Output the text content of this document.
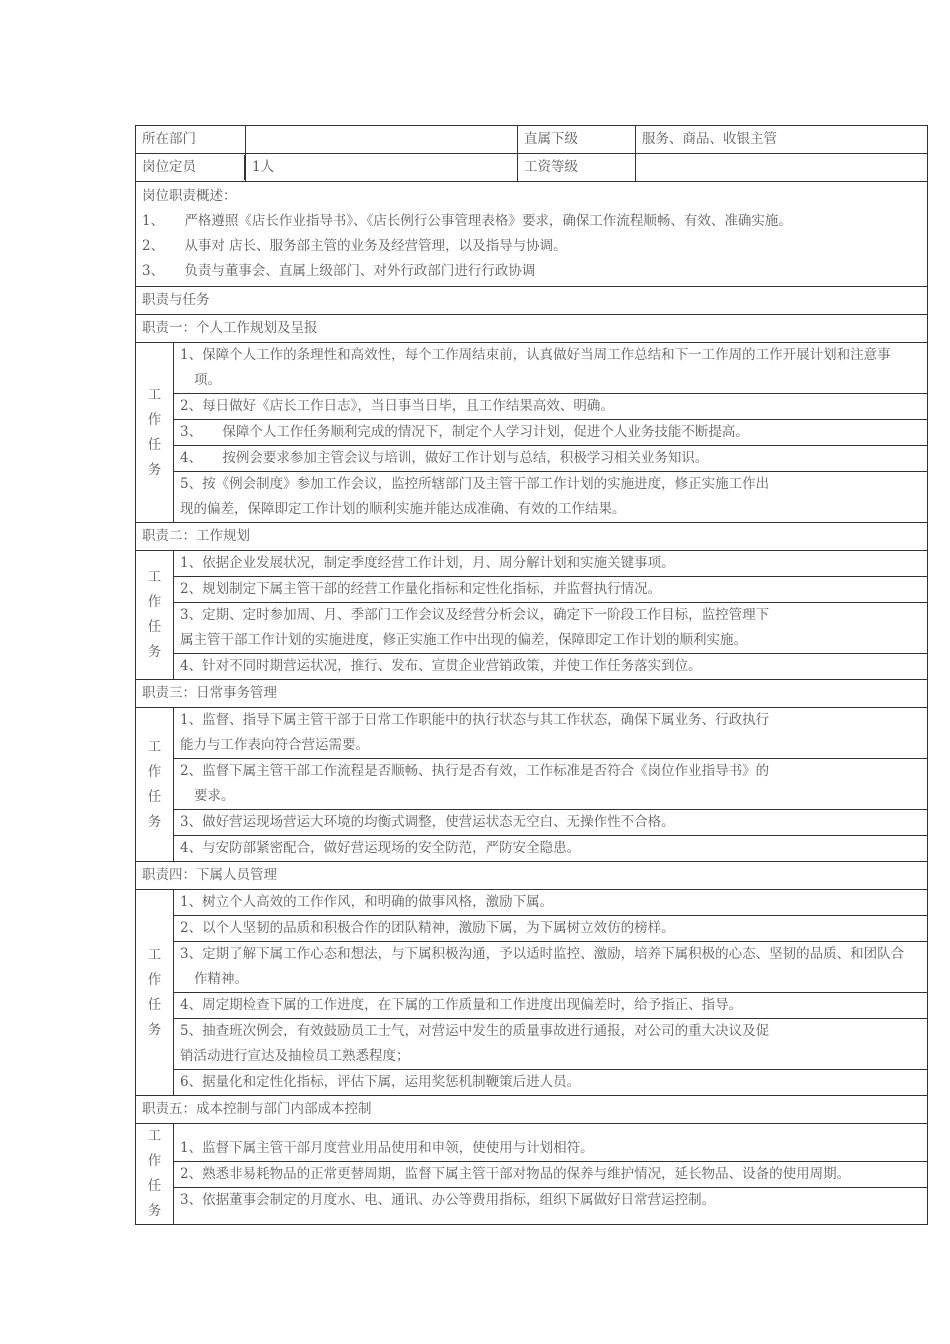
所在部门		直属下级	服务、商品、收银主管

岗位定员	1人	工资等级	

岗位职责概述：
1、　　严格遵照《店长作业指导书》、《店长例行公事管理表格》要求，确保工作流程顺畅、有效、准确实施。
2、　　从事对 店长、服务部主管的业务及经营管理，以及指导与协调。
3、　　负责与董事会、直属上级部门、对外行政部门进行行政协调

职责与任务
职责一：个人工作规划及呈报

工
作
任
务

1、保障个人工作的条理性和高效性，每个工作周结束前，认真做好当周工作总结和下一工作周的工作开展计划和注意事
项。

2、每日做好《店长工作日志》，当日事当日毕，且工作结果高效、明确。

3、　　保障个人工作任务顺利完成的情况下，制定个人学习计划，促进个人业务技能不断提高。

4、　　按例会要求参加主管会议与培训，做好工作计划与总结，积极学习相关业务知识。

5、按《例会制度》参加工作会议，监控所辖部门及主管干部工作计划的实施进度，修正实施工作出
现的偏差，保障即定工作计划的顺利实施并能达成准确、有效的工作结果。

职责二：工作规划

工
作
任
务

1、依据企业发展状况，制定季度经营工作计划，月、周分解计划和实施关键事项。

2、规划制定下属主管干部的经营工作量化指标和定性化指标，并监督执行情况。

3、定期、定时参加周、月、季部门工作会议及经营分析会议，确定下一阶段工作目标，监控管理下
属主管干部工作计划的实施进度，修正实施工作中出现的偏差，保障即定工作计划的顺利实施。

4、针对不同时期营运状况，推行、发布、宣贯企业营销政策，并使工作任务落实到位。

职责三：日常事务管理

工
作
任
务

1、监督、指导下属主管干部于日常工作职能中的执行状态与其工作状态，确保下属业务、行政执行
能力与工作表向符合营运需要。

2、监督下属主管干部工作流程是否顺畅、执行是否有效，工作标准是否符合《岗位作业指导书》的
要求。

3、做好营运现场营运大环境的均衡式调整，使营运状态无空白、无操作性不合格。

4、与安防部紧密配合，做好营运现场的安全防范，严防安全隐患。

职责四：下属人员管理

工
作
任
务

1、树立个人高效的工作作风，和明确的做事风格，激励下属。

2、以个人坚韧的品质和积极合作的团队精神，激励下属，为下属树立效仿的榜样。

3、定期了解下属工作心态和想法，与下属积极沟通，予以适时监控、激励，培养下属积极的心态、坚韧的品质、和团队合
作精神。

4、周定期检查下属的工作进度，在下属的工作质量和工作进度出现偏差时，给予指正、指导。

5、抽查班次例会，有效鼓励员工士气，对营运中发生的质量事故进行通报，对公司的重大决议及促
销活动进行宣达及抽检员工熟悉程度；

6、据量化和定性化指标，评估下属，运用奖惩机制鞭策后进人员。

职责五：成本控制与部门内部成本控制

工
作
任
务

1、监督下属主管干部月度营业用品使用和申领，使使用与计划相符。

2、熟悉非易耗物品的正常更替周期，监督下属主管干部对物品的保养与维护情况，延长物品、设备的使用周期。

3、依据董事会制定的月度水、电、通讯、办公等费用指标，组织下属做好日常营运控制。
